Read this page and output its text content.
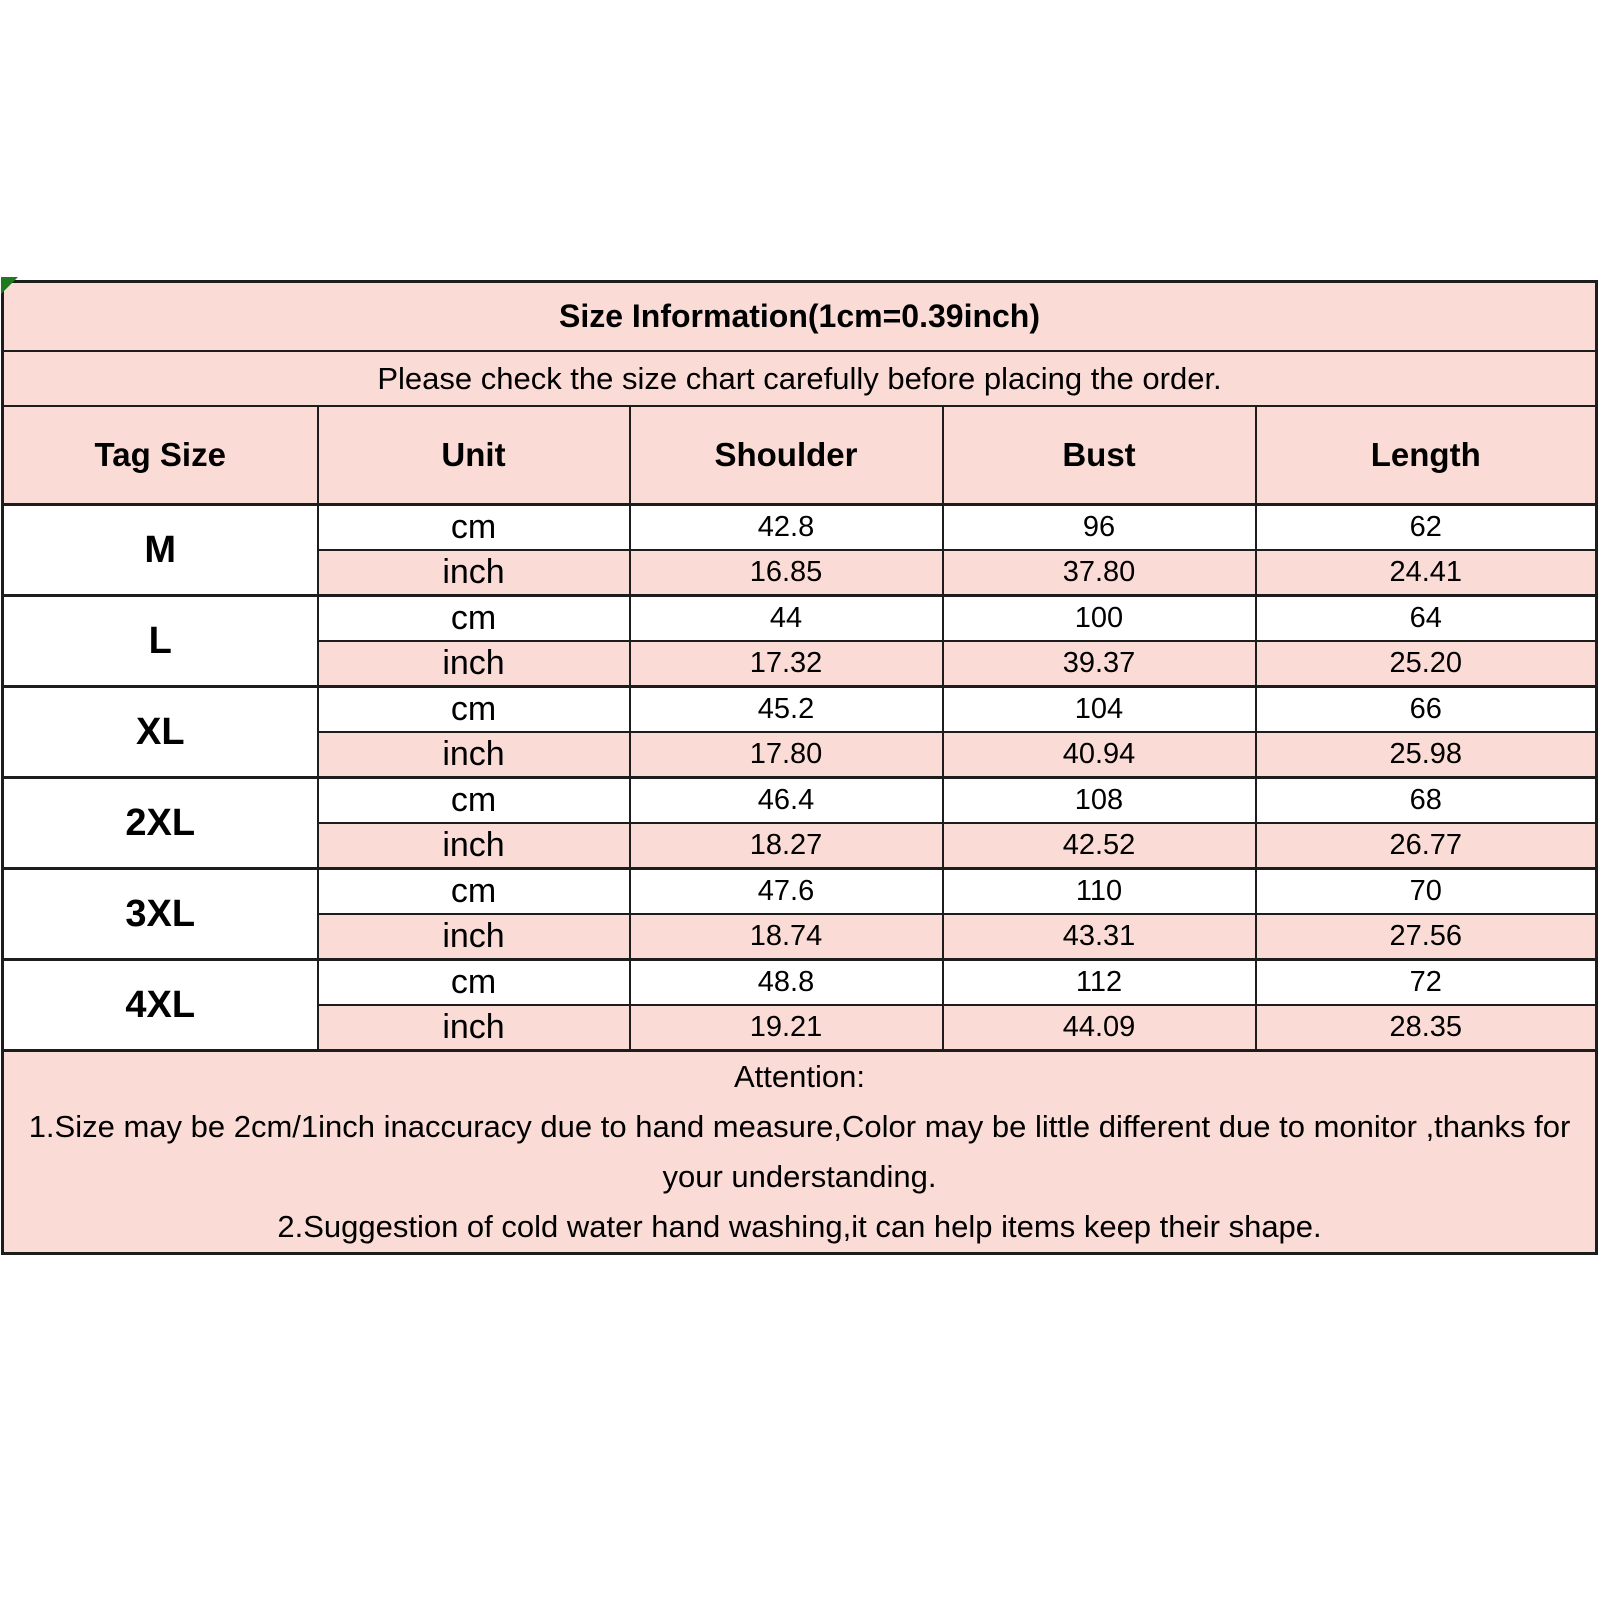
Size Information(1cm=0.39inch)				
Please check the size chart carefully before placing the order.				
Tag Size	Unit	Shoulder	Bust	Length
M	cm	42.8	96	62
	inch	16.85	37.80	24.41
L	cm	44	100	64
	inch	17.32	39.37	25.20
XL	cm	45.2	104	66
	inch	17.80	40.94	25.98
2XL	cm	46.4	108	68
	inch	18.27	42.52	26.77
3XL	cm	47.6	110	70
	inch	18.74	43.31	27.56
4XL	cm	48.8	112	72
	inch	19.21	44.09	28.35

Attention:
1.Size may be 2cm/1inch inaccuracy due to hand measure,Color may be little different due to monitor ,thanks for your understanding.
2.Suggestion of cold water hand washing,it can help items keep their shape.				
